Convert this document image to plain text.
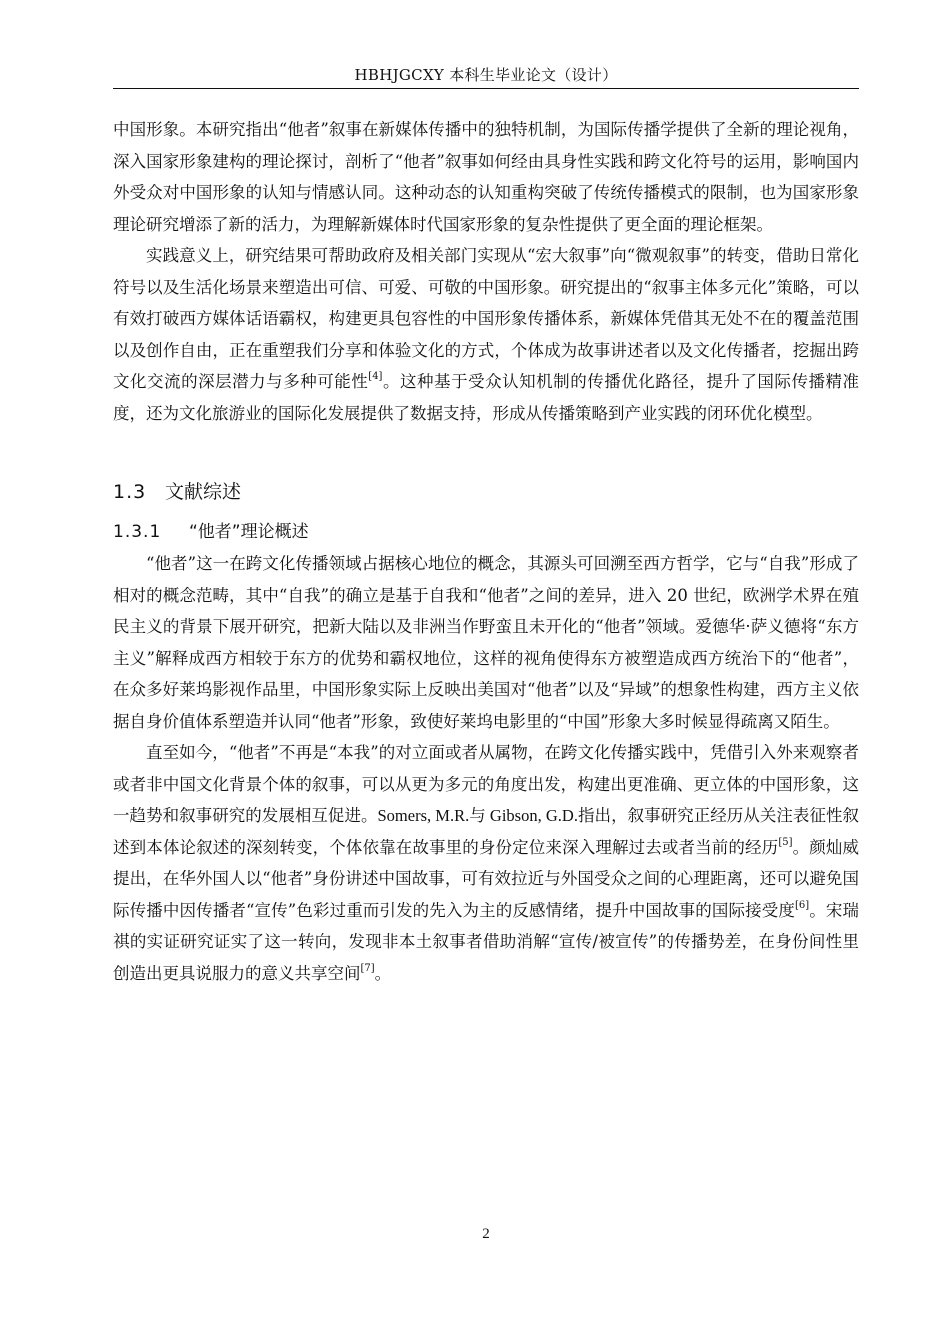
HBHJGCXY 本科生毕业论文（设计）

中国形象。本研究指出“他者”叙事在新媒体传播中的独特机制，为国际传播学提供了全新的理论视角，深入国家形象建构的理论探讨，剖析了“他者”叙事如何经由具身性实践和跨文化符号的运用，影响国内外受众对中国形象的认知与情感认同。这种动态的认知重构突破了传统传播模式的限制，也为国家形象理论研究增添了新的活力，为理解新媒体时代国家形象的复杂性提供了更全面的理论框架。

实践意义上，研究结果可帮助政府及相关部门实现从“宏大叙事”向“微观叙事”的转变，借助日常化符号以及生活化场景来塑造出可信、可爱、可敬的中国形象。研究提出的“叙事主体多元化”策略，可以有效打破西方媒体话语霸权，构建更具包容性的中国形象传播体系，新媒体凭借其无处不在的覆盖范围以及创作自由，正在重塑我们分享和体验文化的方式，个体成为故事讲述者以及文化传播者，挖掘出跨文化交流的深层潜力与多种可能性[4]。这种基于受众认知机制的传播优化路径，提升了国际传播精准度，还为文化旅游业的国际化发展提供了数据支持，形成从传播策略到产业实践的闭环优化模型。

1.3 文献综述
1.3.1 “他者”理论概述

“他者”这一在跨文化传播领域占据核心地位的概念，其源头可回溯至西方哲学，它与“自我”形成了相对的概念范畴，其中“自我”的确立是基于自我和“他者”之间的差异，进入 20 世纪，欧洲学术界在殖民主义的背景下展开研究，把新大陆以及非洲当作野蛮且未开化的“他者”领域。爱德华·萨义德将“东方主义”解释成西方相较于东方的优势和霸权地位，这样的视角使得东方被塑造成西方统治下的“他者”，在众多好莱坞影视作品里，中国形象实际上反映出美国对“他者”以及“异域”的想象性构建，西方主义依据自身价值体系塑造并认同“他者”形象，致使好莱坞电影里的“中国”形象大多时候显得疏离又陌生。

直至如今，“他者”不再是“本我”的对立面或者从属物，在跨文化传播实践中，凭借引入外来观察者或者非中国文化背景个体的叙事，可以从更为多元的角度出发，构建出更准确、更立体的中国形象，这一趋势和叙事研究的发展相互促进。Somers, M.R.与 Gibson, G.D.指出，叙事研究正经历从关注表征性叙述到本体论叙述的深刻转变，个体依靠在故事里的身份定位来深入理解过去或者当前的经历[5]。颜灿威提出，在华外国人以“他者”身份讲述中国故事，可有效拉近与外国受众之间的心理距离，还可以避免国际传播中因传播者“宣传”色彩过重而引发的先入为主的反感情绪，提升中国故事的国际接受度[6]。宋瑞祺的实证研究证实了这一转向，发现非本土叙事者借助消解“宣传/被宣传”的传播势差，在身份间性里创造出更具说服力的意义共享空间[7]。

2
